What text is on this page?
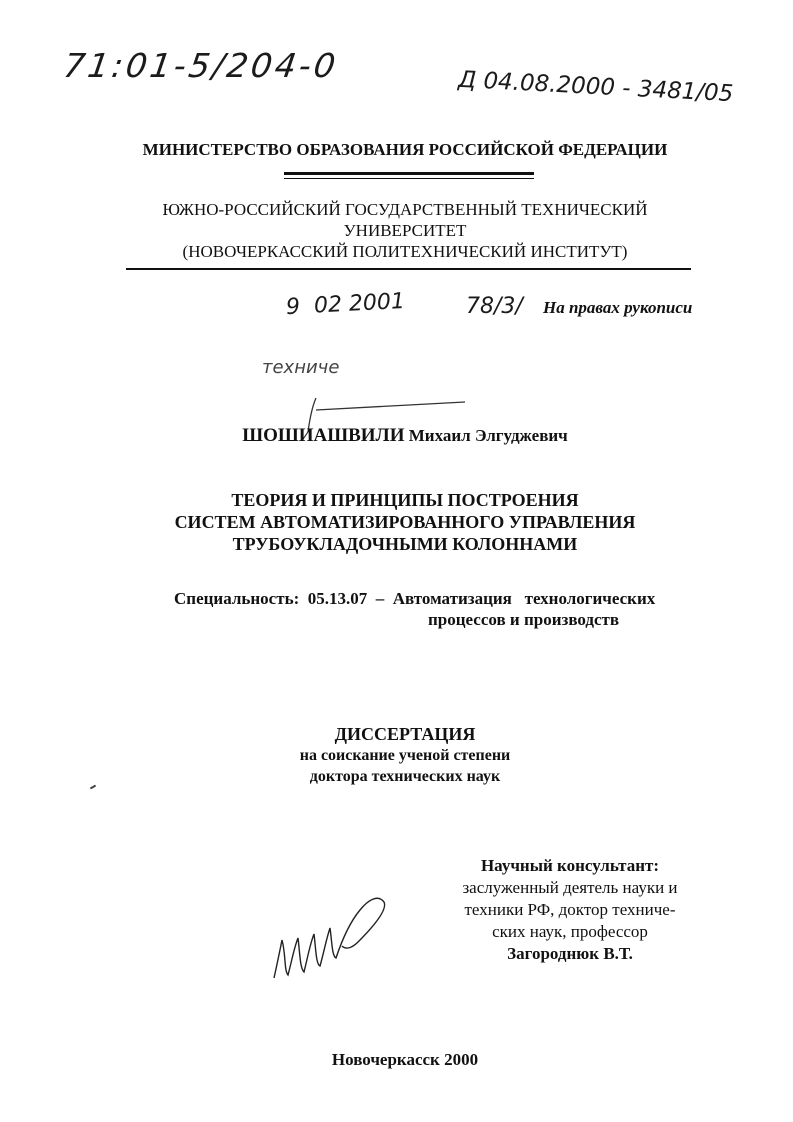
71:01-5/204-0
Д 04.08.2000 - 3481/05
МИНИСТЕРСТВО ОБРАЗОВАНИЯ РОССИЙСКОЙ ФЕДЕРАЦИИ
ЮЖНО-РОССИЙСКИЙ ГОСУДАРСТВЕННЫЙ ТЕХНИЧЕСКИЙ
УНИВЕРСИТЕТ
(НОВОЧЕРКАССКИЙ ПОЛИТЕХНИЧЕСКИЙ ИНСТИТУТ)
9  02 2001	78/3/ На правах рукописи
техниче
ШОШИАШВИЛИ Михаил Элгуджевич
ТЕОРИЯ И ПРИНЦИПЫ ПОСТРОЕНИЯ
СИСТЕМ АВТОМАТИЗИРОВАННОГО УПРАВЛЕНИЯ
ТРУБОУКЛАДОЧНЫМИ КОЛОННАМИ
Специальность: 05.13.07 – Автоматизация   технологических
процессов и производств
ДИССЕРТАЦИЯ
на соискание ученой степени
доктора технических наук
Научный консультант:
заслуженный деятель науки и
техники РФ, доктор техниче-
ских наук, профессор
Загороднюк В.Т.
Новочеркасск 2000
